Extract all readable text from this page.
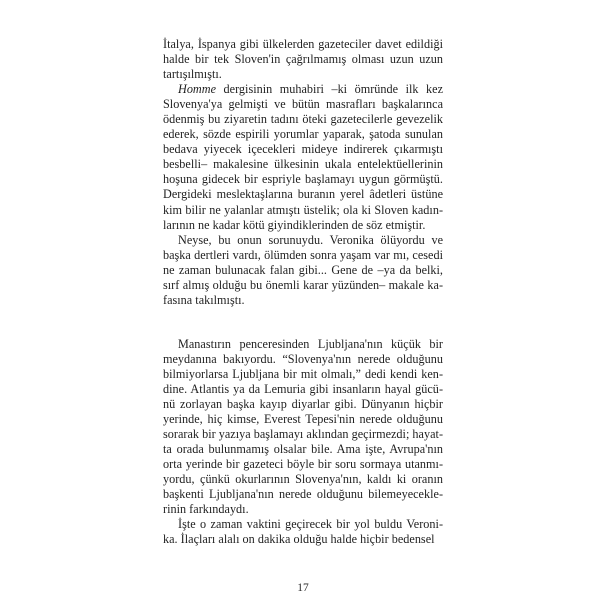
İtalya, İspanya gibi ülkelerden gazeteciler davet edildiği halde bir tek Sloven'in çağrılmamış olması uzun uzun tartışılmıştı.

Homme dergisinin muhabiri –ki ömründe ilk kez Slovenya'ya gelmişti ve bütün masrafları başkalarınca ödenmiş bu ziyaretin tadını öteki gazetecilerle gevezelik ederek, sözde espirili yorumlar yaparak, şatoda sunulan bedava yiyecek içecekleri mideye indirerek çıkarmıştı besbelli– makalesine ülkesinin ukala entelektüellerinin hoşuna gidecek bir espriyle başlamayı uygun görmüştü. Dergideki meslektaşlarına buranın yerel âdetleri üstüne kim bilir ne yalanlar atmıştı üstelik; ola ki Sloven kadınlarının ne kadar kötü giyindiklerinden de söz etmiştir.

Neyse, bu onun sorunuydu. Veronika ölüyordu ve başka dertleri vardı, ölümden sonra yaşam var mı, cesedi ne zaman bulunacak falan gibi... Gene de –ya da belki, sırf almış olduğu bu önemli karar yüzünden– makale kafasına takılmıştı.

Manastırın penceresinden Ljubljana'nın küçük bir meydanına bakıyordu. “Slovenya'nın nerede olduğunu bilmiyorlarsa Ljubljana bir mit olmalı,” dedi kendi kendine. Atlantis ya da Lemuria gibi insanların hayal gücünü zorlayan başka kayıp diyarlar gibi. Dünyanın hiçbir yerinde, hiç kimse, Everest Tepesi'nin nerede olduğunu sorarak bir yazıya başlamayı aklından geçirmezdi; hayatta orada bulunmamış olsalar bile. Ama işte, Avrupa'nın orta yerinde bir gazeteci böyle bir soru sormaya utanmıyordu, çünkü okurlarının Slovenya'nın, kaldı ki oranın başkenti Ljubljana'nın nerede olduğunu bilemeyeceklerinin farkındaydı.

İşte o zaman vaktini geçirecek bir yol buldu Veronika. İlaçları alalı on dakika olduğu halde hiçbir bedensel

17
